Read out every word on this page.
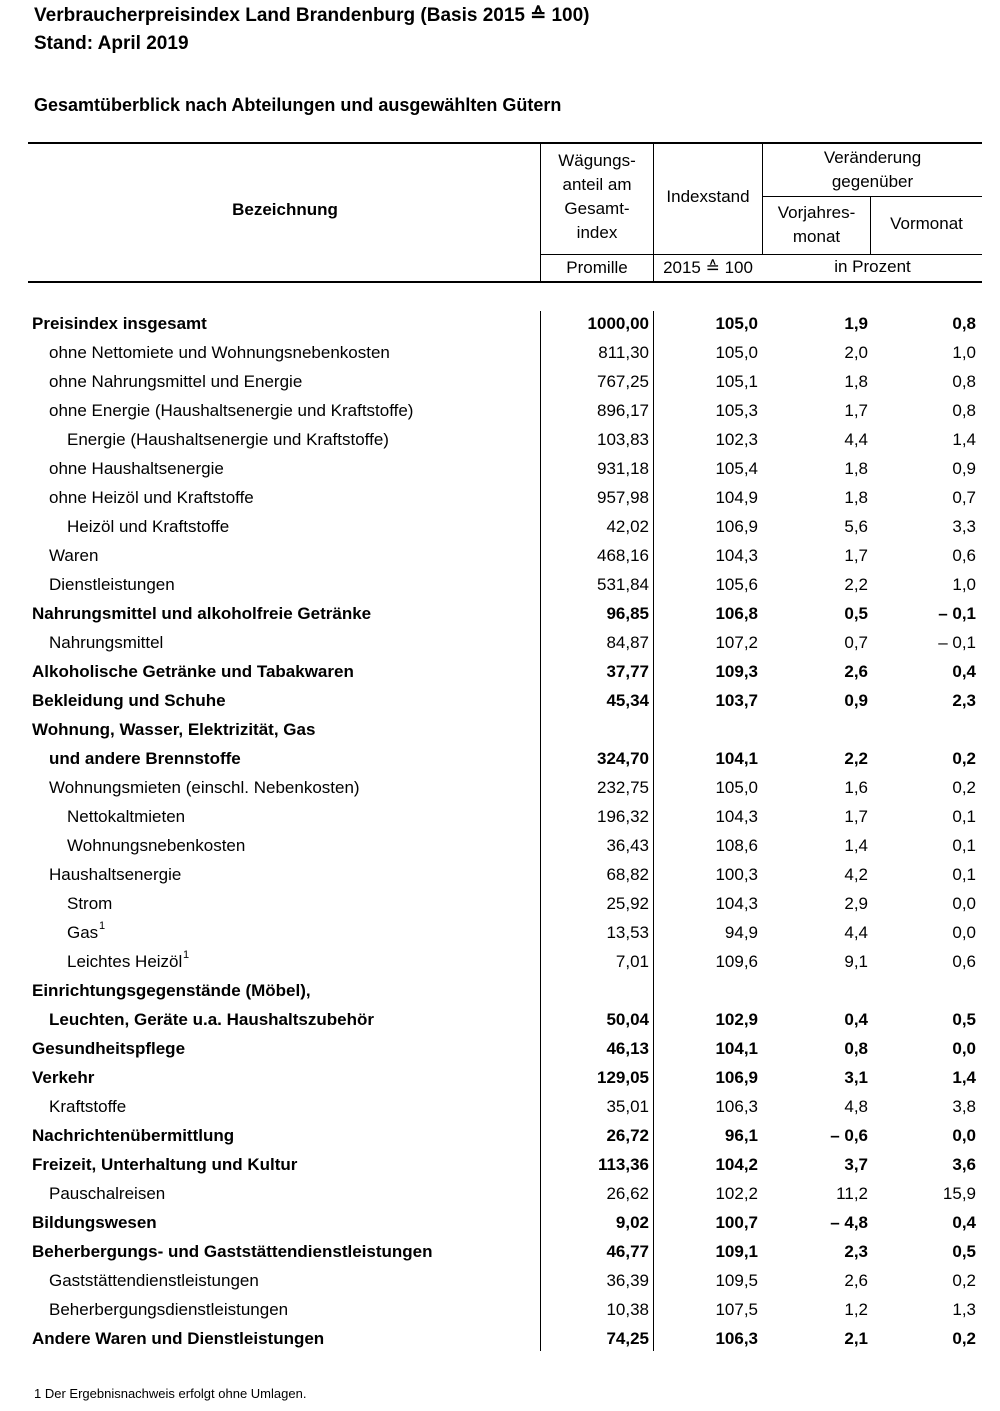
Verbraucherpreisindex Land Brandenburg (Basis 2015 ≙ 100)
Stand: April 2019
Gesamtüberblick nach Abteilungen und ausgewählten Gütern
Bezeichnung
Wägungs-
anteil am
Gesamt-
index
Indexstand
Veränderung
gegenüber
Vorjahres-
monat
Vormonat
Promille	2015 ≙ 100	in Prozent
Preisindex insgesamt	1000,00	105,0	1,9	0,8
ohne Nettomiete und Wohnungsnebenkosten	811,30	105,0	2,0	1,0
ohne Nahrungsmittel und Energie	767,25	105,1	1,8	0,8
ohne Energie (Haushaltsenergie und Kraftstoffe)	896,17	105,3	1,7	0,8
Energie (Haushaltsenergie und Kraftstoffe)	103,83	102,3	4,4	1,4
ohne Haushaltsenergie	931,18	105,4	1,8	0,9
ohne Heizöl und Kraftstoffe	957,98	104,9	1,8	0,7
Heizöl und Kraftstoffe	42,02	106,9	5,6	3,3
Waren	468,16	104,3	1,7	0,6
Dienstleistungen	531,84	105,6	2,2	1,0
Nahrungsmittel und alkoholfreie Getränke	96,85	106,8	0,5	– 0,1
Nahrungsmittel	84,87	107,2	0,7	– 0,1
Alkoholische Getränke und Tabakwaren	37,77	109,3	2,6	0,4
Bekleidung und Schuhe	45,34	103,7	0,9	2,3
Wohnung, Wasser, Elektrizität, Gas
und andere Brennstoffe	324,70	104,1	2,2	0,2
Wohnungsmieten (einschl. Nebenkosten)	232,75	105,0	1,6	0,2
Nettokaltmieten	196,32	104,3	1,7	0,1
Wohnungsnebenkosten	36,43	108,6	1,4	0,1
Haushaltsenergie	68,82	100,3	4,2	0,1
Strom	25,92	104,3	2,9	0,0
Gas 1	13,53	94,9	4,4	0,0
Leichtes Heizöl 1	7,01	109,6	9,1	0,6
Einrichtungsgegenstände (Möbel),
Leuchten, Geräte u.a. Haushaltszubehör	50,04	102,9	0,4	0,5
Gesundheitspflege	46,13	104,1	0,8	0,0
Verkehr	129,05	106,9	3,1	1,4
Kraftstoffe	35,01	106,3	4,8	3,8
Nachrichtenübermittlung	26,72	96,1	– 0,6	0,0
Freizeit, Unterhaltung und Kultur	113,36	104,2	3,7	3,6
Pauschalreisen	26,62	102,2	11,2	15,9
Bildungswesen	9,02	100,7	– 4,8	0,4
Beherbergungs- und Gaststättendienstleistungen	46,77	109,1	2,3	0,5
Gaststättendienstleistungen	36,39	109,5	2,6	0,2
Beherbergungsdienstleistungen	10,38	107,5	1,2	1,3
Andere Waren und Dienstleistungen	74,25	106,3	2,1	0,2
1 Der Ergebnisnachweis erfolgt ohne Umlagen.
